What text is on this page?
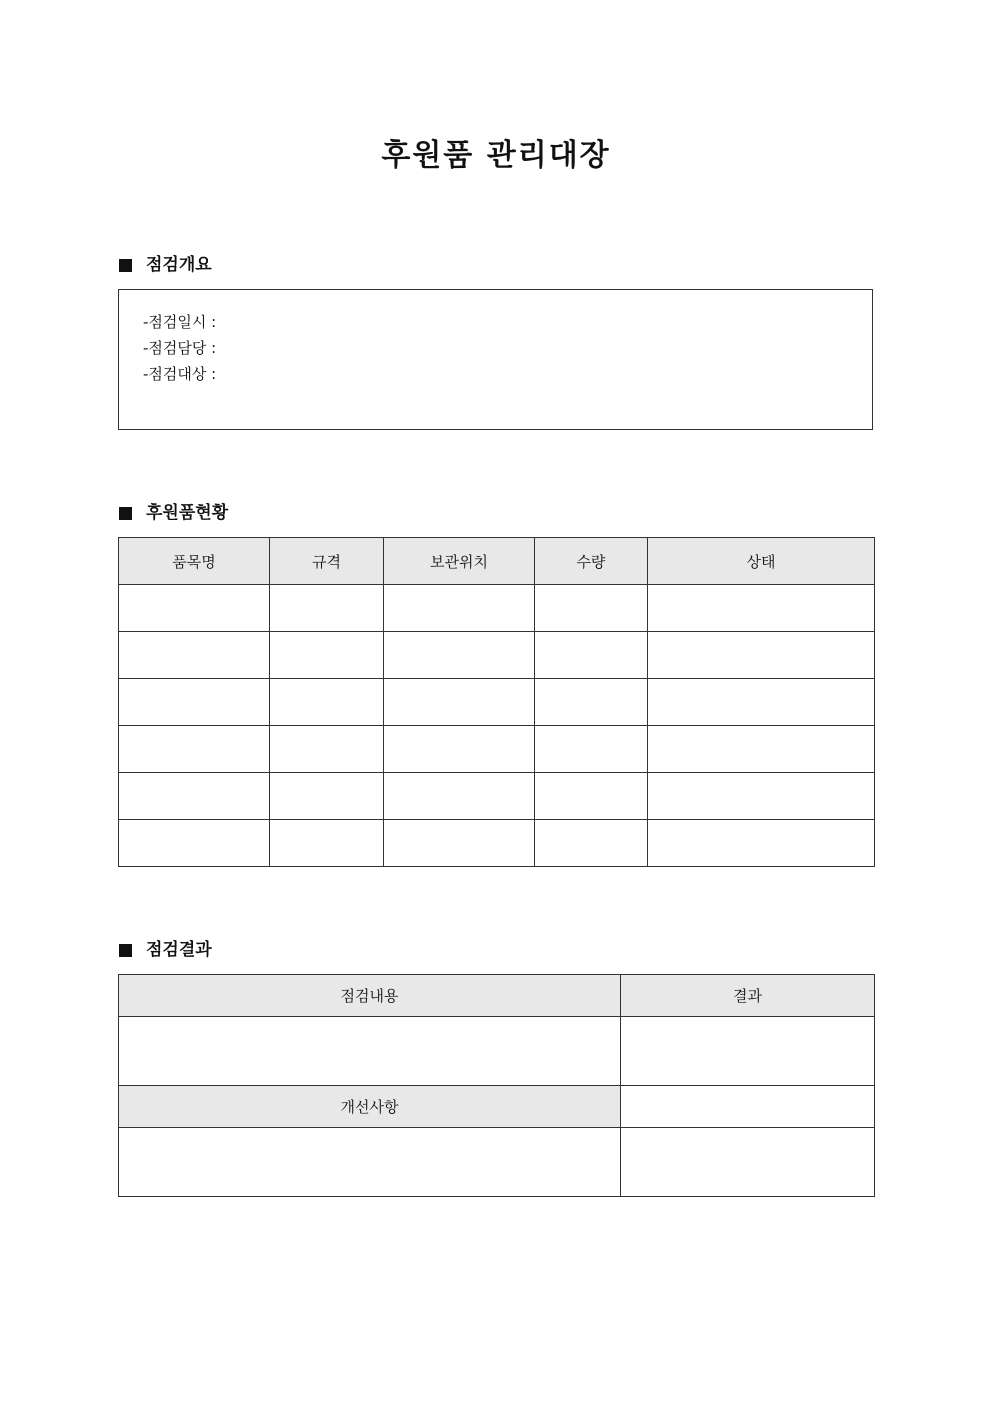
후원품 관리대장
점검개요
-점검일시 :
-점검담당 :
-점검대상 :
후원품현황
품목명	규격	보관위치	수량	상태

점검결과
점검내용	결과

개선사항	
